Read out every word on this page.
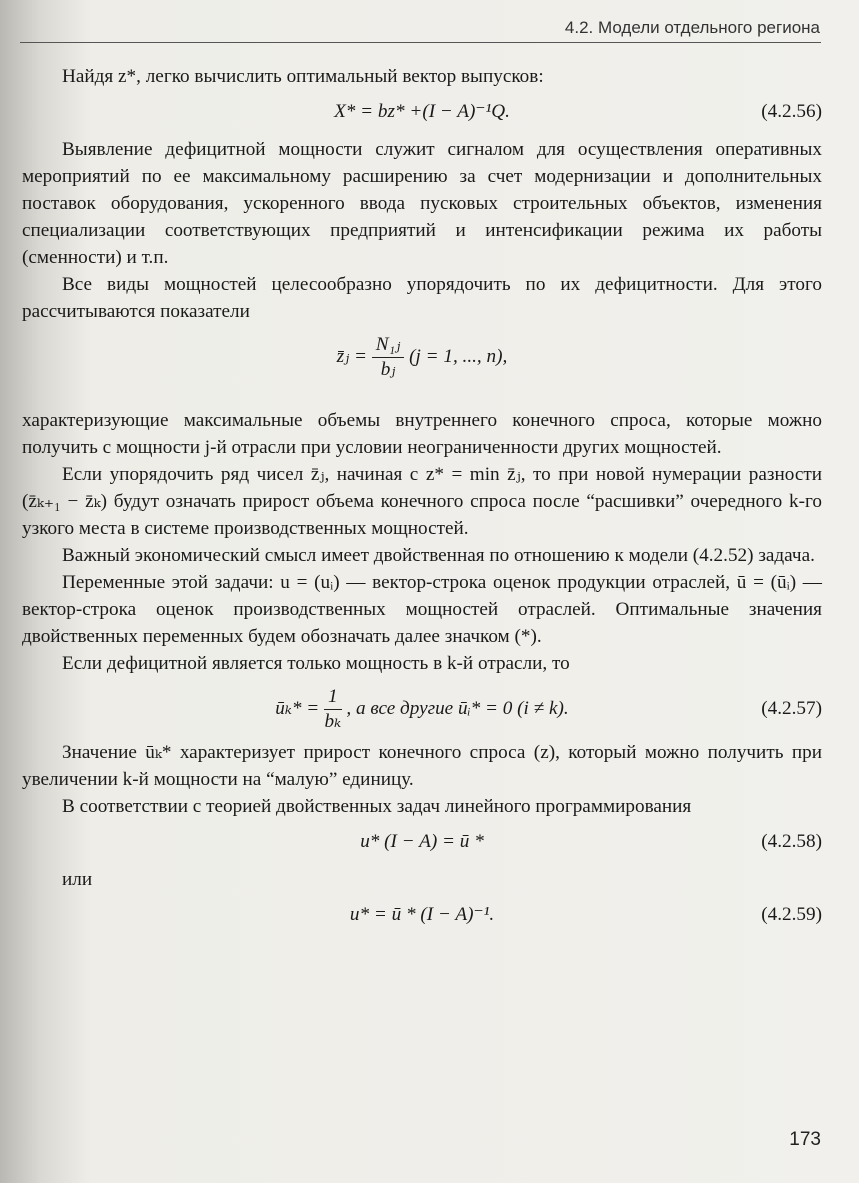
4.2. Модели отдельного региона

Найдя z*, легко вычислить оптимальный вектор выпусков:

X* = bz* +(I − A)⁻¹Q.	(4.2.56)

Выявление дефицитной мощности служит сигналом для осуществления оперативных мероприятий по ее максимальному расширению за счет модернизации и дополнительных поставок оборудования, ускоренного ввода пусковых строительных объектов, изменения специализации соответствующих предприятий и интенсификации режима их работы (сменности) и т.п.

Все виды мощностей целесообразно упорядочить по их дефицитности. Для этого рассчитываются показатели

z̄ⱼ = $\frac{\text{N₁ⱼ}}{\text{bⱼ}} (j = 1$, ..., n),

характеризующие максимальные объемы внутреннего конечного спроса, которые можно получить с мощности j-й отрасли при условии неограниченности других мощностей.

Если упорядочить ряд чисел z̄ⱼ, начиная с z* = min z̄ⱼ, то при новой нумерации разности (z̄ₖ₊₁ − z̄ₖ) будут означать прирост объема конечного спроса после “расшивки” очередного k-го узкого места в системе производственных мощностей.

Важный экономический смысл имеет двойственная по отношению к модели (4.2.52) задача.

Переменные этой задачи: u = (uᵢ) — вектор-строка оценок продукции отраслей, ū = (ūᵢ) — вектор-строка оценок производственных мощностей отраслей. Оптимальные значения двойственных переменных будем обозначать далее значком (*).

Если дефицитной является только мощность в k-й отрасли, то

ūₖ* = $\frac{1}{\text{bₖ}}$ , а все другие ūᵢ* = 0 (i ≠ k).	(4.2.57)

Значение ūₖ* характеризует прирост конечного спроса (z), который можно получить при увеличении k-й мощности на “малую” единицу.

В соответствии с теорией двойственных задач линейного программирования

u* (I − A) = ū *	(4.2.58)

или

u* = ū * (I − A)⁻¹.	(4.2.59)
173
